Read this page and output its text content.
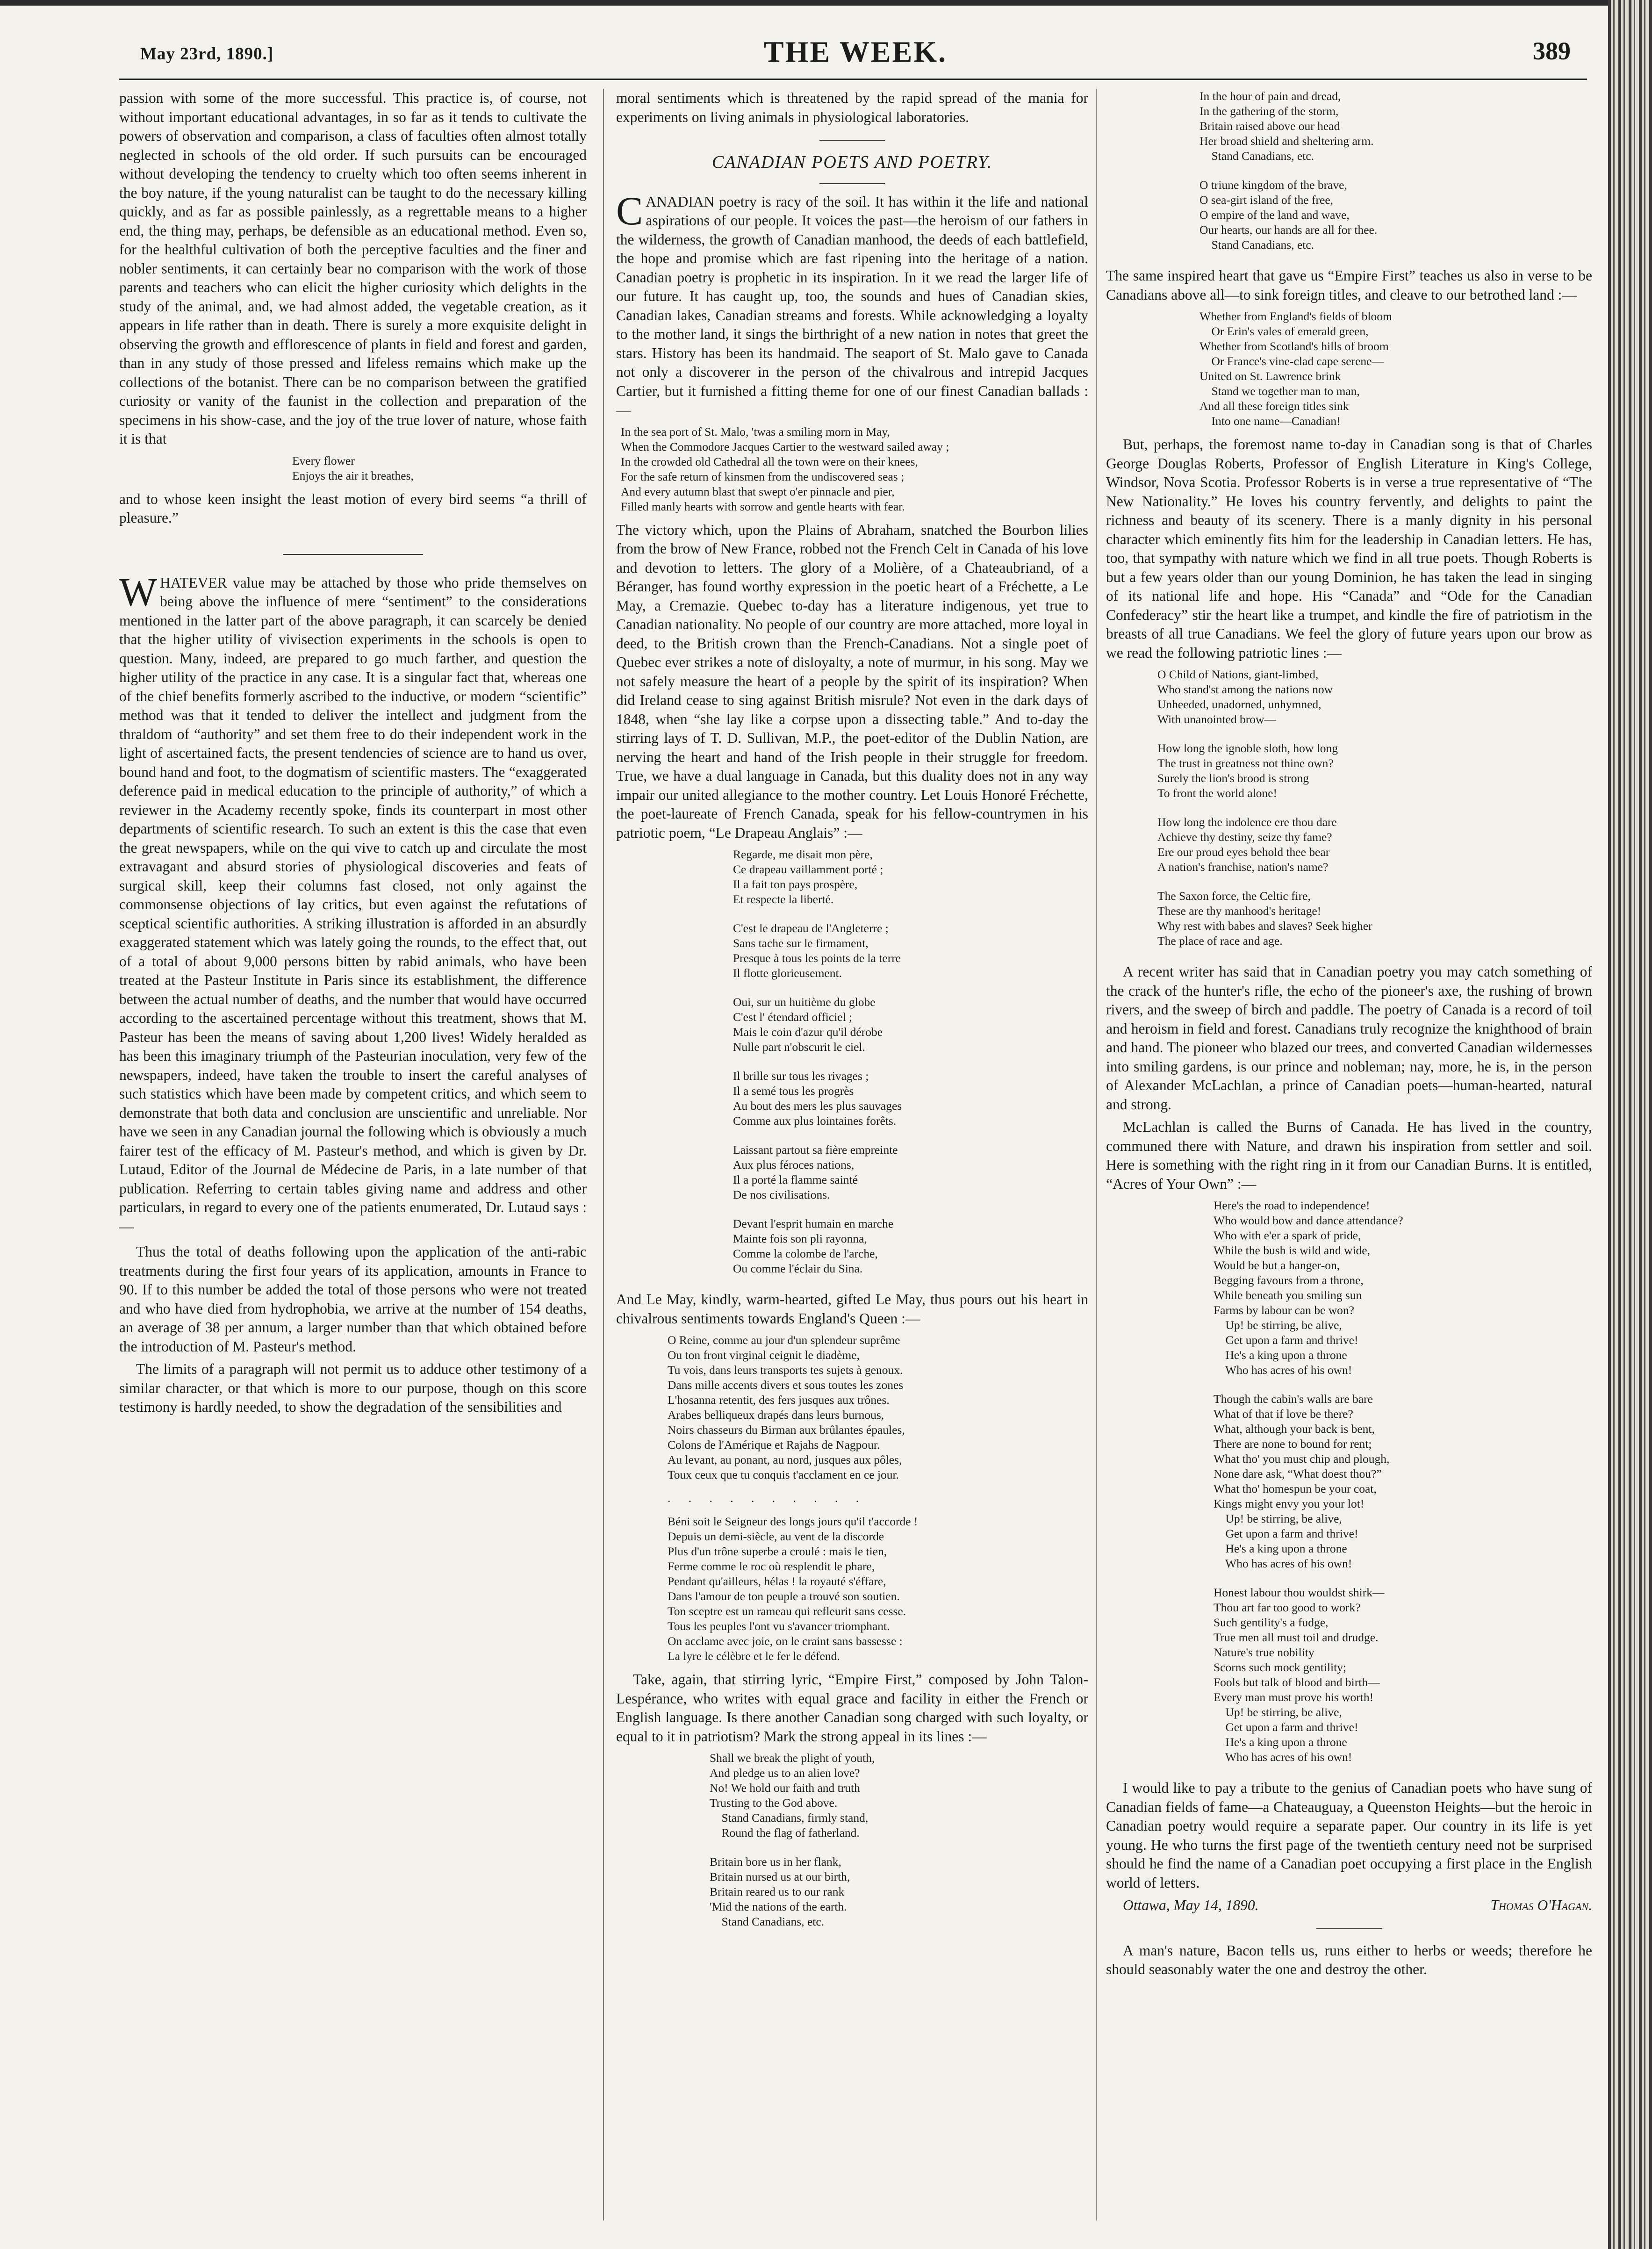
May 23rd, 1890.]	THE WEEK.	389

passion with some of the more successful. This practice is, of course, not without important educational advantages, in so far as it tends to cultivate the powers of observation and comparison, a class of faculties often almost totally neglected in schools of the old order. If such pursuits can be encouraged without developing the tendency to cruelty which too often seems inherent in the boy nature, if the young naturalist can be taught to do the necessary killing quickly, and as far as possible painlessly, as a regrettable means to a higher end, the thing may, perhaps, be defensible as an educational method. Even so, for the healthful cultivation of both the perceptive faculties and the finer and nobler sentiments, it can certainly bear no comparison with the work of those parents and teachers who can elicit the higher curiosity which delights in the study of the animal, and, we had almost added, the vegetable creation, as it appears in life rather than in death. There is surely a more exquisite delight in observing the growth and efflorescence of plants in field and forest and garden, than in any study of those pressed and lifeless remains which make up the collections of the botanist. There can be no comparison between the gratified curiosity or vanity of the faunist in the collection and preparation of the specimens in his show-case, and the joy of the true lover of nature, whose faith it is that

Every flower
Enjoys the air it breathes,

and to whose keen insight the least motion of every bird seems “a thrill of pleasure.”

WHATEVER value may be attached by those who pride themselves on being above the influence of mere “sentiment” to the considerations mentioned in the latter part of the above paragraph, it can scarcely be denied that the higher utility of vivisection experiments in the schools is open to question. Many, indeed, are prepared to go much farther, and question the higher utility of the practice in any case. It is a singular fact that, whereas one of the chief benefits formerly ascribed to the inductive, or modern “scientific” method was that it tended to deliver the intellect and judgment from the thraldom of “authority” and set them free to do their independent work in the light of ascertained facts, the present tendencies of science are to hand us over, bound hand and foot, to the dogmatism of scientific masters. The “exaggerated deference paid in medical education to the principle of authority,” of which a reviewer in the Academy recently spoke, finds its counterpart in most other departments of scientific research. To such an extent is this the case that even the great newspapers, while on the qui vive to catch up and circulate the most extravagant and absurd stories of physiological discoveries and feats of surgical skill, keep their columns fast closed, not only against the commonsense objections of lay critics, but even against the refutations of sceptical scientific authorities. A striking illustration is afforded in an absurdly exaggerated statement which was lately going the rounds, to the effect that, out of a total of about 9,000 persons bitten by rabid animals, who have been treated at the Pasteur Institute in Paris since its establishment, the difference between the actual number of deaths, and the number that would have occurred according to the ascertained percentage without this treatment, shows that M. Pasteur has been the means of saving about 1,200 lives! Widely heralded as has been this imaginary triumph of the Pasteurian inoculation, very few of the newspapers, indeed, have taken the trouble to insert the careful analyses of such statistics which have been made by competent critics, and which seem to demonstrate that both data and conclusion are unscientific and unreliable. Nor have we seen in any Canadian journal the following which is obviously a much fairer test of the efficacy of M. Pasteur's method, and which is given by Dr. Lutaud, Editor of the Journal de Médecine de Paris, in a late number of that publication. Referring to certain tables giving name and address and other particulars, in regard to every one of the patients enumerated, Dr. Lutaud says :—

Thus the total of deaths following upon the application of the anti-rabic treatments during the first four years of its application, amounts in France to 90. If to this number be added the total of those persons who were not treated and who have died from hydrophobia, we arrive at the number of 154 deaths, an average of 38 per annum, a larger number than that which obtained before the introduction of M. Pasteur's method.

The limits of a paragraph will not permit us to adduce other testimony of a similar character, or that which is more to our purpose, though on this score testimony is hardly needed, to show the degradation of the sensibilities and

moral sentiments which is threatened by the rapid spread of the mania for experiments on living animals in physiological laboratories.

CANADIAN POETS AND POETRY.

CANADIAN poetry is racy of the soil. It has within it the life and national aspirations of our people. It voices the past—the heroism of our fathers in the wilderness, the growth of Canadian manhood, the deeds of each battlefield, the hope and promise which are fast ripening into the heritage of a nation. Canadian poetry is prophetic in its inspiration. In it we read the larger life of our future. It has caught up, too, the sounds and hues of Canadian skies, Canadian lakes, Canadian streams and forests. While acknowledging a loyalty to the mother land, it sings the birthright of a new nation in notes that greet the stars. History has been its handmaid. The seaport of St. Malo gave to Canada not only a discoverer in the person of the chivalrous and intrepid Jacques Cartier, but it furnished a fitting theme for one of our finest Canadian ballads :—

In the sea port of St. Malo, 'twas a smiling morn in May,
When the Commodore Jacques Cartier to the westward sailed away ;
In the crowded old Cathedral all the town were on their knees,
For the safe return of kinsmen from the undiscovered seas ;
And every autumn blast that swept o'er pinnacle and pier,
Filled manly hearts with sorrow and gentle hearts with fear.

The victory which, upon the Plains of Abraham, snatched the Bourbon lilies from the brow of New France, robbed not the French Celt in Canada of his love and devotion to letters. The glory of a Molière, of a Chateaubriand, of a Béranger, has found worthy expression in the poetic heart of a Fréchette, a Le May, a Cremazie. Quebec to-day has a literature indigenous, yet true to Canadian nationality. No people of our country are more attached, more loyal in deed, to the British crown than the French-Canadians. Not a single poet of Quebec ever strikes a note of disloyalty, a note of murmur, in his song. May we not safely measure the heart of a people by the spirit of its inspiration? When did Ireland cease to sing against British misrule? Not even in the dark days of 1848, when “she lay like a corpse upon a dissecting table.” And to-day the stirring lays of T. D. Sullivan, M.P., the poet-editor of the Dublin Nation, are nerving the heart and hand of the Irish people in their struggle for freedom. True, we have a dual language in Canada, but this duality does not in any way impair our united allegiance to the mother country. Let Louis Honoré Fréchette, the poet-laureate of French Canada, speak for his fellow-countrymen in his patriotic poem, “Le Drapeau Anglais” :—

Regarde, me disait mon père,
Ce drapeau vaillamment porté ;
Il a fait ton pays prospère,
Et respecte la liberté.
C'est le drapeau de l'Angleterre ;
Sans tache sur le firmament,
Presque à tous les points de la terre
Il flotte glorieusement.
Oui, sur un huitième du globe
C'est l' étendard officiel ;
Mais le coin d'azur qu'il dérobe
Nulle part n'obscurit le ciel.
Il brille sur tous les rivages ;
Il a semé tous les progrès
Au bout des mers les plus sauvages
Comme aux plus lointaines forêts.
Laissant partout sa fière empreinte
Aux plus féroces nations,
Il a porté la flamme sainté
De nos civilisations.
Devant l'esprit humain en marche
Mainte fois son pli rayonna,
Comme la colombe de l'arche,
Ou comme l'éclair du Sina.

And Le May, kindly, warm-hearted, gifted Le May, thus pours out his heart in chivalrous sentiments towards England's Queen :—

O Reine, comme au jour d'un splendeur suprême
Ou ton front virginal ceignit le diadème,
Tu vois, dans leurs transports tes sujets à genoux.
Dans mille accents divers et sous toutes les zones
L'hosanna retentit, des fers jusques aux trônes.
Arabes belliqueux drapés dans leurs burnous,
Noirs chasseurs du Birman aux brûlantes épaules,
Colons de l'Amérique et Rajahs de Nagpour.
Au levant, au ponant, au nord, jusques aux pôles,
Toux ceux que tu conquis t'acclament en ce jour.
. . . . . . . . . .
Béni soit le Seigneur des longs jours qu'il t'accorde !
Depuis un demi-siècle, au vent de la discorde
Plus d'un trône superbe a croulé : mais le tien,
Ferme comme le roc où resplendit le phare,
Pendant qu'ailleurs, hélas ! la royauté s'éffare,
Dans l'amour de ton peuple a trouvé son soutien.
Ton sceptre est un rameau qui refleurit sans cesse.
Tous les peuples l'ont vu s'avancer triomphant.
On acclame avec joie, on le craint sans bassesse :
La lyre le célèbre et le fer le défend.

Take, again, that stirring lyric, “Empire First,” composed by John Talon-Lespérance, who writes with equal grace and facility in either the French or English language. Is there another Canadian song charged with such loyalty, or equal to it in patriotism? Mark the strong appeal in its lines :—

Shall we break the plight of youth,
And pledge us to an alien love?
No! We hold our faith and truth
Trusting to the God above.
Stand Canadians, firmly stand,
Round the flag of fatherland.
Britain bore us in her flank,
Britain nursed us at our birth,
Britain reared us to our rank
'Mid the nations of the earth.
Stand Canadians, etc.
In the hour of pain and dread,
In the gathering of the storm,
Britain raised above our head
Her broad shield and sheltering arm.
Stand Canadians, etc.
O triune kingdom of the brave,
O sea-girt island of the free,
O empire of the land and wave,
Our hearts, our hands are all for thee.
Stand Canadians, etc.

The same inspired heart that gave us “Empire First” teaches us also in verse to be Canadians above all—to sink foreign titles, and cleave to our betrothed land :—

Whether from England's fields of bloom
Or Erin's vales of emerald green,
Whether from Scotland's hills of broom
Or France's vine-clad cape serene—
United on St. Lawrence brink
Stand we together man to man,
And all these foreign titles sink
Into one name—Canadian!

But, perhaps, the foremost name to-day in Canadian song is that of Charles George Douglas Roberts, Professor of English Literature in King's College, Windsor, Nova Scotia. Professor Roberts is in verse a true representative of “The New Nationality.” He loves his country fervently, and delights to paint the richness and beauty of its scenery. There is a manly dignity in his personal character which eminently fits him for the leadership in Canadian letters. He has, too, that sympathy with nature which we find in all true poets. Though Roberts is but a few years older than our young Dominion, he has taken the lead in singing of its national life and hope. His “Canada” and “Ode for the Canadian Confederacy” stir the heart like a trumpet, and kindle the fire of patriotism in the breasts of all true Canadians. We feel the glory of future years upon our brow as we read the following patriotic lines :—

O Child of Nations, giant-limbed,
Who stand'st among the nations now
Unheeded, unadorned, unhymned,
With unanointed brow—
How long the ignoble sloth, how long
The trust in greatness not thine own?
Surely the lion's brood is strong
To front the world alone!
How long the indolence ere thou dare
Achieve thy destiny, seize thy fame?
Ere our proud eyes behold thee bear
A nation's franchise, nation's name?
The Saxon force, the Celtic fire,
These are thy manhood's heritage!
Why rest with babes and slaves? Seek higher
The place of race and age.

A recent writer has said that in Canadian poetry you may catch something of the crack of the hunter's rifle, the echo of the pioneer's axe, the rushing of brown rivers, and the sweep of birch and paddle. The poetry of Canada is a record of toil and heroism in field and forest. Canadians truly recognize the knighthood of brain and hand. The pioneer who blazed our trees, and converted Canadian wildernesses into smiling gardens, is our prince and nobleman; nay, more, he is, in the person of Alexander McLachlan, a prince of Canadian poets—human-hearted, natural and strong.

McLachlan is called the Burns of Canada. He has lived in the country, communed there with Nature, and drawn his inspiration from settler and soil. Here is something with the right ring in it from our Canadian Burns. It is entitled, “Acres of Your Own” :—

Here's the road to independence!
Who would bow and dance attendance?
Who with e'er a spark of pride,
While the bush is wild and wide,
Would be but a hanger-on,
Begging favours from a throne,
While beneath you smiling sun
Farms by labour can be won?
Up! be stirring, be alive,
Get upon a farm and thrive!
He's a king upon a throne
Who has acres of his own!
Though the cabin's walls are bare
What of that if love be there?
What, although your back is bent,
There are none to bound for rent;
What tho' you must chip and plough,
None dare ask, “What doest thou?”
What tho' homespun be your coat,
Kings might envy you your lot!
Up! be stirring, be alive,
Get upon a farm and thrive!
He's a king upon a throne
Who has acres of his own!
Honest labour thou wouldst shirk—
Thou art far too good to work?
Such gentility's a fudge,
True men all must toil and drudge.
Nature's true nobility
Scorns such mock gentility;
Fools but talk of blood and birth—
Every man must prove his worth!
Up! be stirring, be alive,
Get upon a farm and thrive!
He's a king upon a throne
Who has acres of his own!

I would like to pay a tribute to the genius of Canadian poets who have sung of Canadian fields of fame—a Chateauguay, a Queenston Heights—but the heroic in Canadian poetry would require a separate paper. Our country in its life is yet young. He who turns the first page of the twentieth century need not be surprised should he find the name of a Canadian poet occupying a first place in the English world of letters.

Ottawa, May 14, 1890.	Thomas O'Hagan.

A man's nature, Bacon tells us, runs either to herbs or weeds; therefore he should seasonably water the one and destroy the other.
